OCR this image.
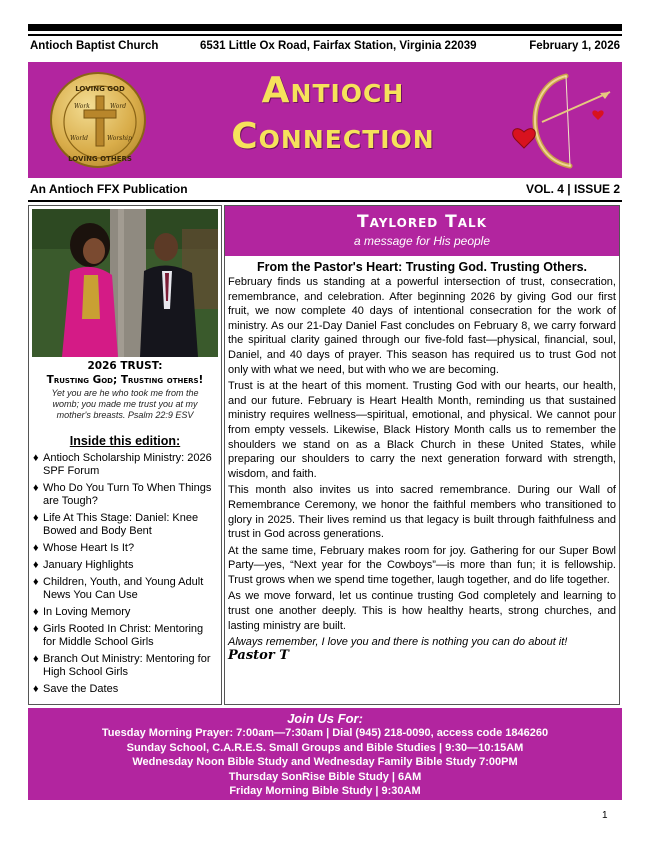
Antioch Baptist Church	6531 Little Ox Road, Fairfax Station, Virginia 22039	February 1, 2026
LOVING GOD
LOVING OTHERS
Work	Word
World	Worship
Antioch
Connection
An Antioch FFX Publication	VOL. 4 | ISSUE 2
2026 TRUST:
Trusting God; Trusting others!
Yet you are he who took me from the womb; you made me trust you at my mother's breasts. Psalm 22:9 ESV
Inside this edition:
♦ Antioch Scholarship Ministry: 2026 SPF Forum
♦ Who Do You Turn To When Things are Tough?
♦ Life At This Stage: Daniel: Knee Bowed and Body Bent
♦ Whose Heart Is It?
♦ January Highlights
♦ Children, Youth, and Young Adult News You Can Use
♦ In Loving Memory
♦ Girls Rooted In Christ: Mentoring for Middle School Girls
♦ Branch Out Ministry: Mentoring for High School Girls
♦ Save the Dates
Taylored Talk
a message for His people
From the Pastor's Heart: Trusting God. Trusting Others.

February finds us standing at a powerful intersection of trust, consecration, remembrance, and celebration. After beginning 2026 by giving God our first fruit, we now complete 40 days of intentional consecration for the work of ministry. As our 21-Day Daniel Fast concludes on February 8, we carry forward the spiritual clarity gained through our five-fold fast—physical, financial, soul, Daniel, and 40 days of prayer. This season has required us to trust God not only with what we need, but with who we are becoming.

Trust is at the heart of this moment. Trusting God with our hearts, our health, and our future. February is Heart Health Month, reminding us that sustained ministry requires wellness—spiritual, emotional, and physical. We cannot pour from empty vessels. Likewise, Black History Month calls us to remember the shoulders we stand on as a Black Church in these United States, while preparing our shoulders to carry the next generation forward with strength, wisdom, and faith.

This month also invites us into sacred remembrance. During our Wall of Remembrance Ceremony, we honor the faithful members who transitioned to glory in 2025. Their lives remind us that legacy is built through faithfulness and trust in God across generations.

At the same time, February makes room for joy. Gathering for our Super Bowl Party—yes, “Next year for the Cowboys”—is more than fun; it is fellowship. Trust grows when we spend time together, laugh together, and do life together.

As we move forward, let us continue trusting God completely and learning to trust one another deeply. This is how healthy hearts, strong churches, and lasting ministry are built.

Always remember, I love you and there is nothing you can do about it!
Pastor T
Join Us For:
Tuesday Morning Prayer: 7:00am—7:30am | Dial (945) 218-0090, access code 1846260
Sunday School, C.A.R.E.S. Small Groups and Bible Studies | 9:30—10:15AM
Wednesday Noon Bible Study and Wednesday Family Bible Study 7:00PM
Thursday SonRise Bible Study | 6AM
Friday Morning Bible Study | 9:30AM
1
